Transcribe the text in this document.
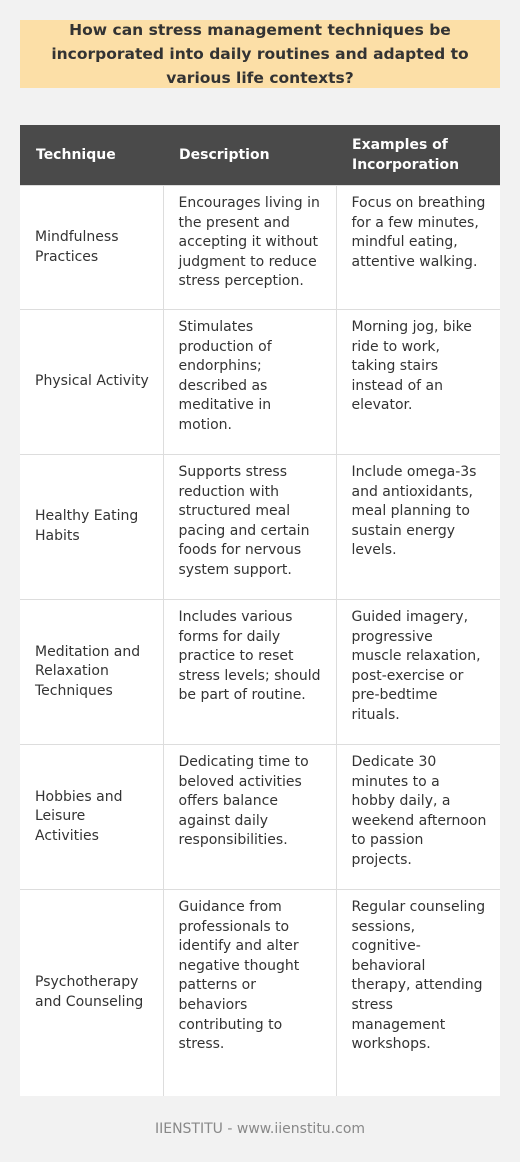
How can stress management techniques be incorporated into daily routines and adapted to various life contexts?
Technique	Description	Examples of Incorporation
Mindfulness Practices	Encourages living in the present and accepting it without judgment to reduce stress perception.	Focus on breathing for a few minutes, mindful eating, attentive walking.
Physical Activity	Stimulates production of endorphins; described as meditative in motion.	Morning jog, bike ride to work, taking stairs instead of an elevator.
Healthy Eating Habits	Supports stress reduction with structured meal pacing and certain foods for nervous system support.	Include omega-3s and antioxidants, meal planning to sustain energy levels.
Meditation and Relaxation Techniques	Includes various forms for daily practice to reset stress levels; should be part of routine.	Guided imagery, progressive muscle relaxation, post-exercise or pre-bedtime rituals.
Hobbies and Leisure Activities	Dedicating time to beloved activities offers balance against daily responsibilities.	Dedicate 30 minutes to a hobby daily, a weekend afternoon to passion projects.
Psychotherapy and Counseling	Guidance from professionals to identify and alter negative thought patterns or behaviors contributing to stress.	Regular counseling sessions, cognitive-behavioral therapy, attending stress management workshops.
IIENSTITU - www.iienstitu.com
